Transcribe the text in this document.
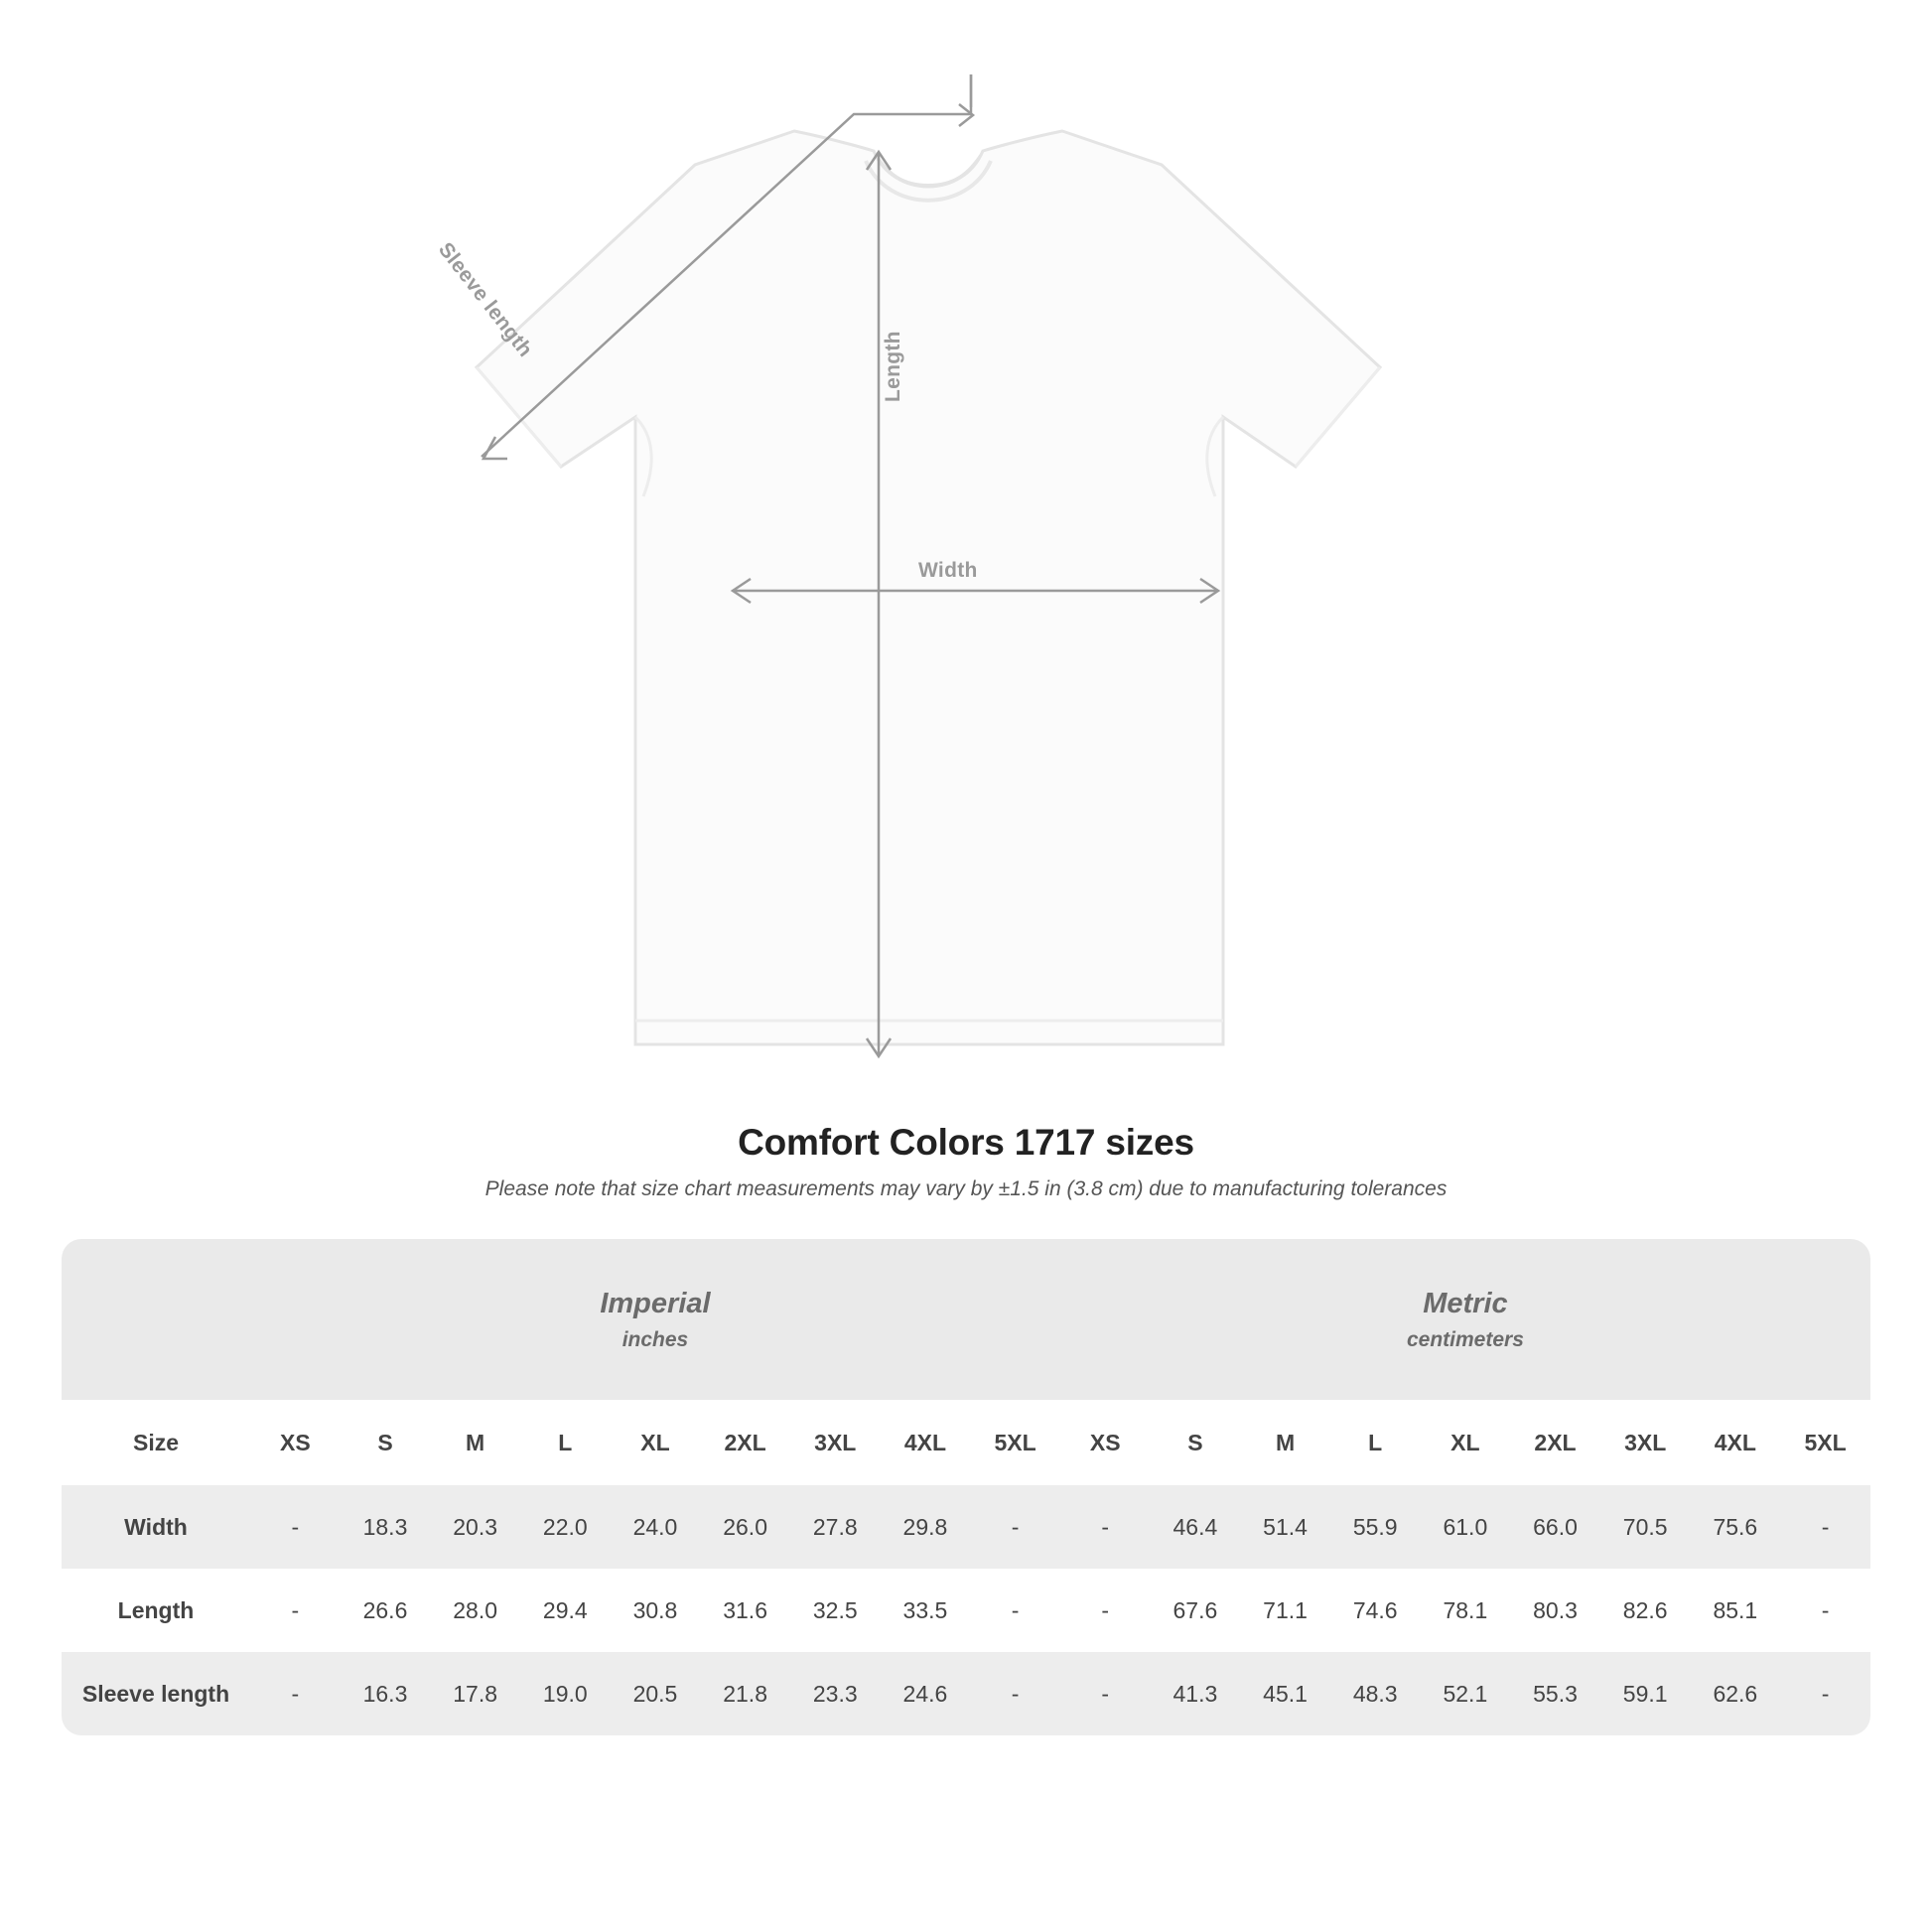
Sleeve length
Length
Width
Comfort Colors 1717 sizes
Please note that size chart measurements may vary by ±1.5 in (3.8 cm) due to manufacturing tolerances

	Imperial
inches									Metric
centimeters								

Size	XS	S	M	L	XL	2XL	3XL	4XL	5XL	XS	S	M	L	XL	2XL	3XL	4XL	5XL
Width	-	18.3	20.3	22.0	24.0	26.0	27.8	29.8	-	-	46.4	51.4	55.9	61.0	66.0	70.5	75.6	-
Length	-	26.6	28.0	29.4	30.8	31.6	32.5	33.5	-	-	67.6	71.1	74.6	78.1	80.3	82.6	85.1	-
Sleeve length	-	16.3	17.8	19.0	20.5	21.8	23.3	24.6	-	-	41.3	45.1	48.3	52.1	55.3	59.1	62.6	-
